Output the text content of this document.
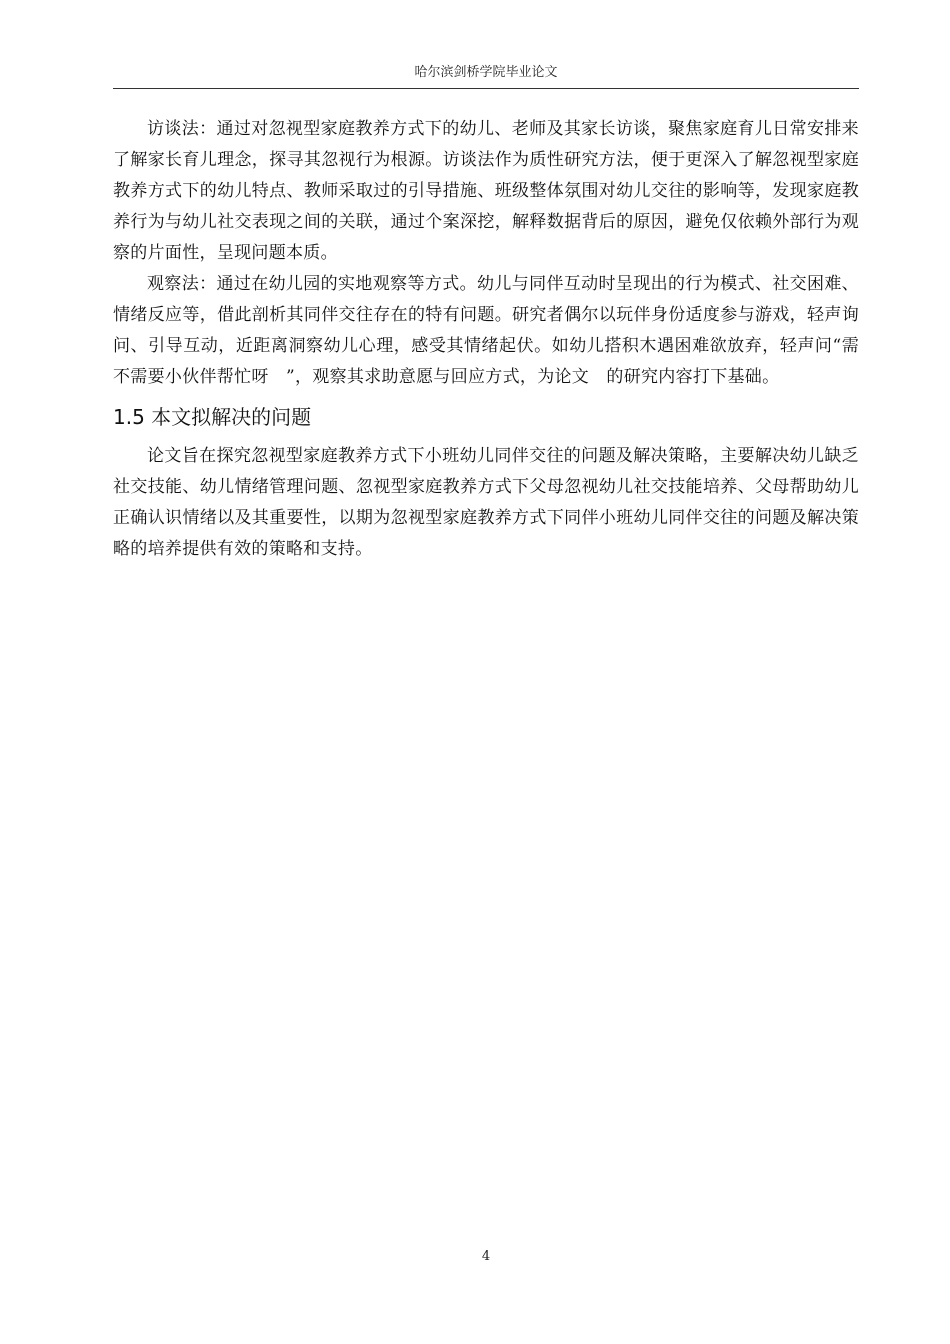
哈尔滨剑桥学院毕业论文

访谈法：通过对忽视型家庭教养方式下的幼儿、老师及其家长访谈，聚焦家庭育儿日常安排来了解家长育儿理念，探寻其忽视行为根源。访谈法作为质性研究方法，便于更深入了解忽视型家庭教养方式下的幼儿特点、教师采取过的引导措施、班级整体氛围对幼儿交往的影响等，发现家庭教养行为与幼儿社交表现之间的关联，通过个案深挖，解释数据背后的原因，避免仅依赖外部行为观察的片面性，呈现问题本质。

观察法：通过在幼儿园的实地观察等方式。幼儿与同伴互动时呈现出的行为模式、社交困难、情绪反应等，借此剖析其同伴交往存在的特有问题。研究者偶尔以玩伴身份适度参与游戏，轻声询问、引导互动，近距离洞察幼儿心理，感受其情绪起伏。如幼儿搭积木遇困难欲放弃，轻声问“需不需要小伙伴帮忙呀　”，观察其求助意愿与回应方式，为论文　的研究内容打下基础。

1.5 本文拟解决的问题

论文旨在探究忽视型家庭教养方式下小班幼儿同伴交往的问题及解决策略，主要解决幼儿缺乏社交技能、幼儿情绪管理问题、忽视型家庭教养方式下父母忽视幼儿社交技能培养、父母帮助幼儿正确认识情绪以及其重要性，以期为忽视型家庭教养方式下同伴小班幼儿同伴交往的问题及解决策略的培养提供有效的策略和支持。

4
